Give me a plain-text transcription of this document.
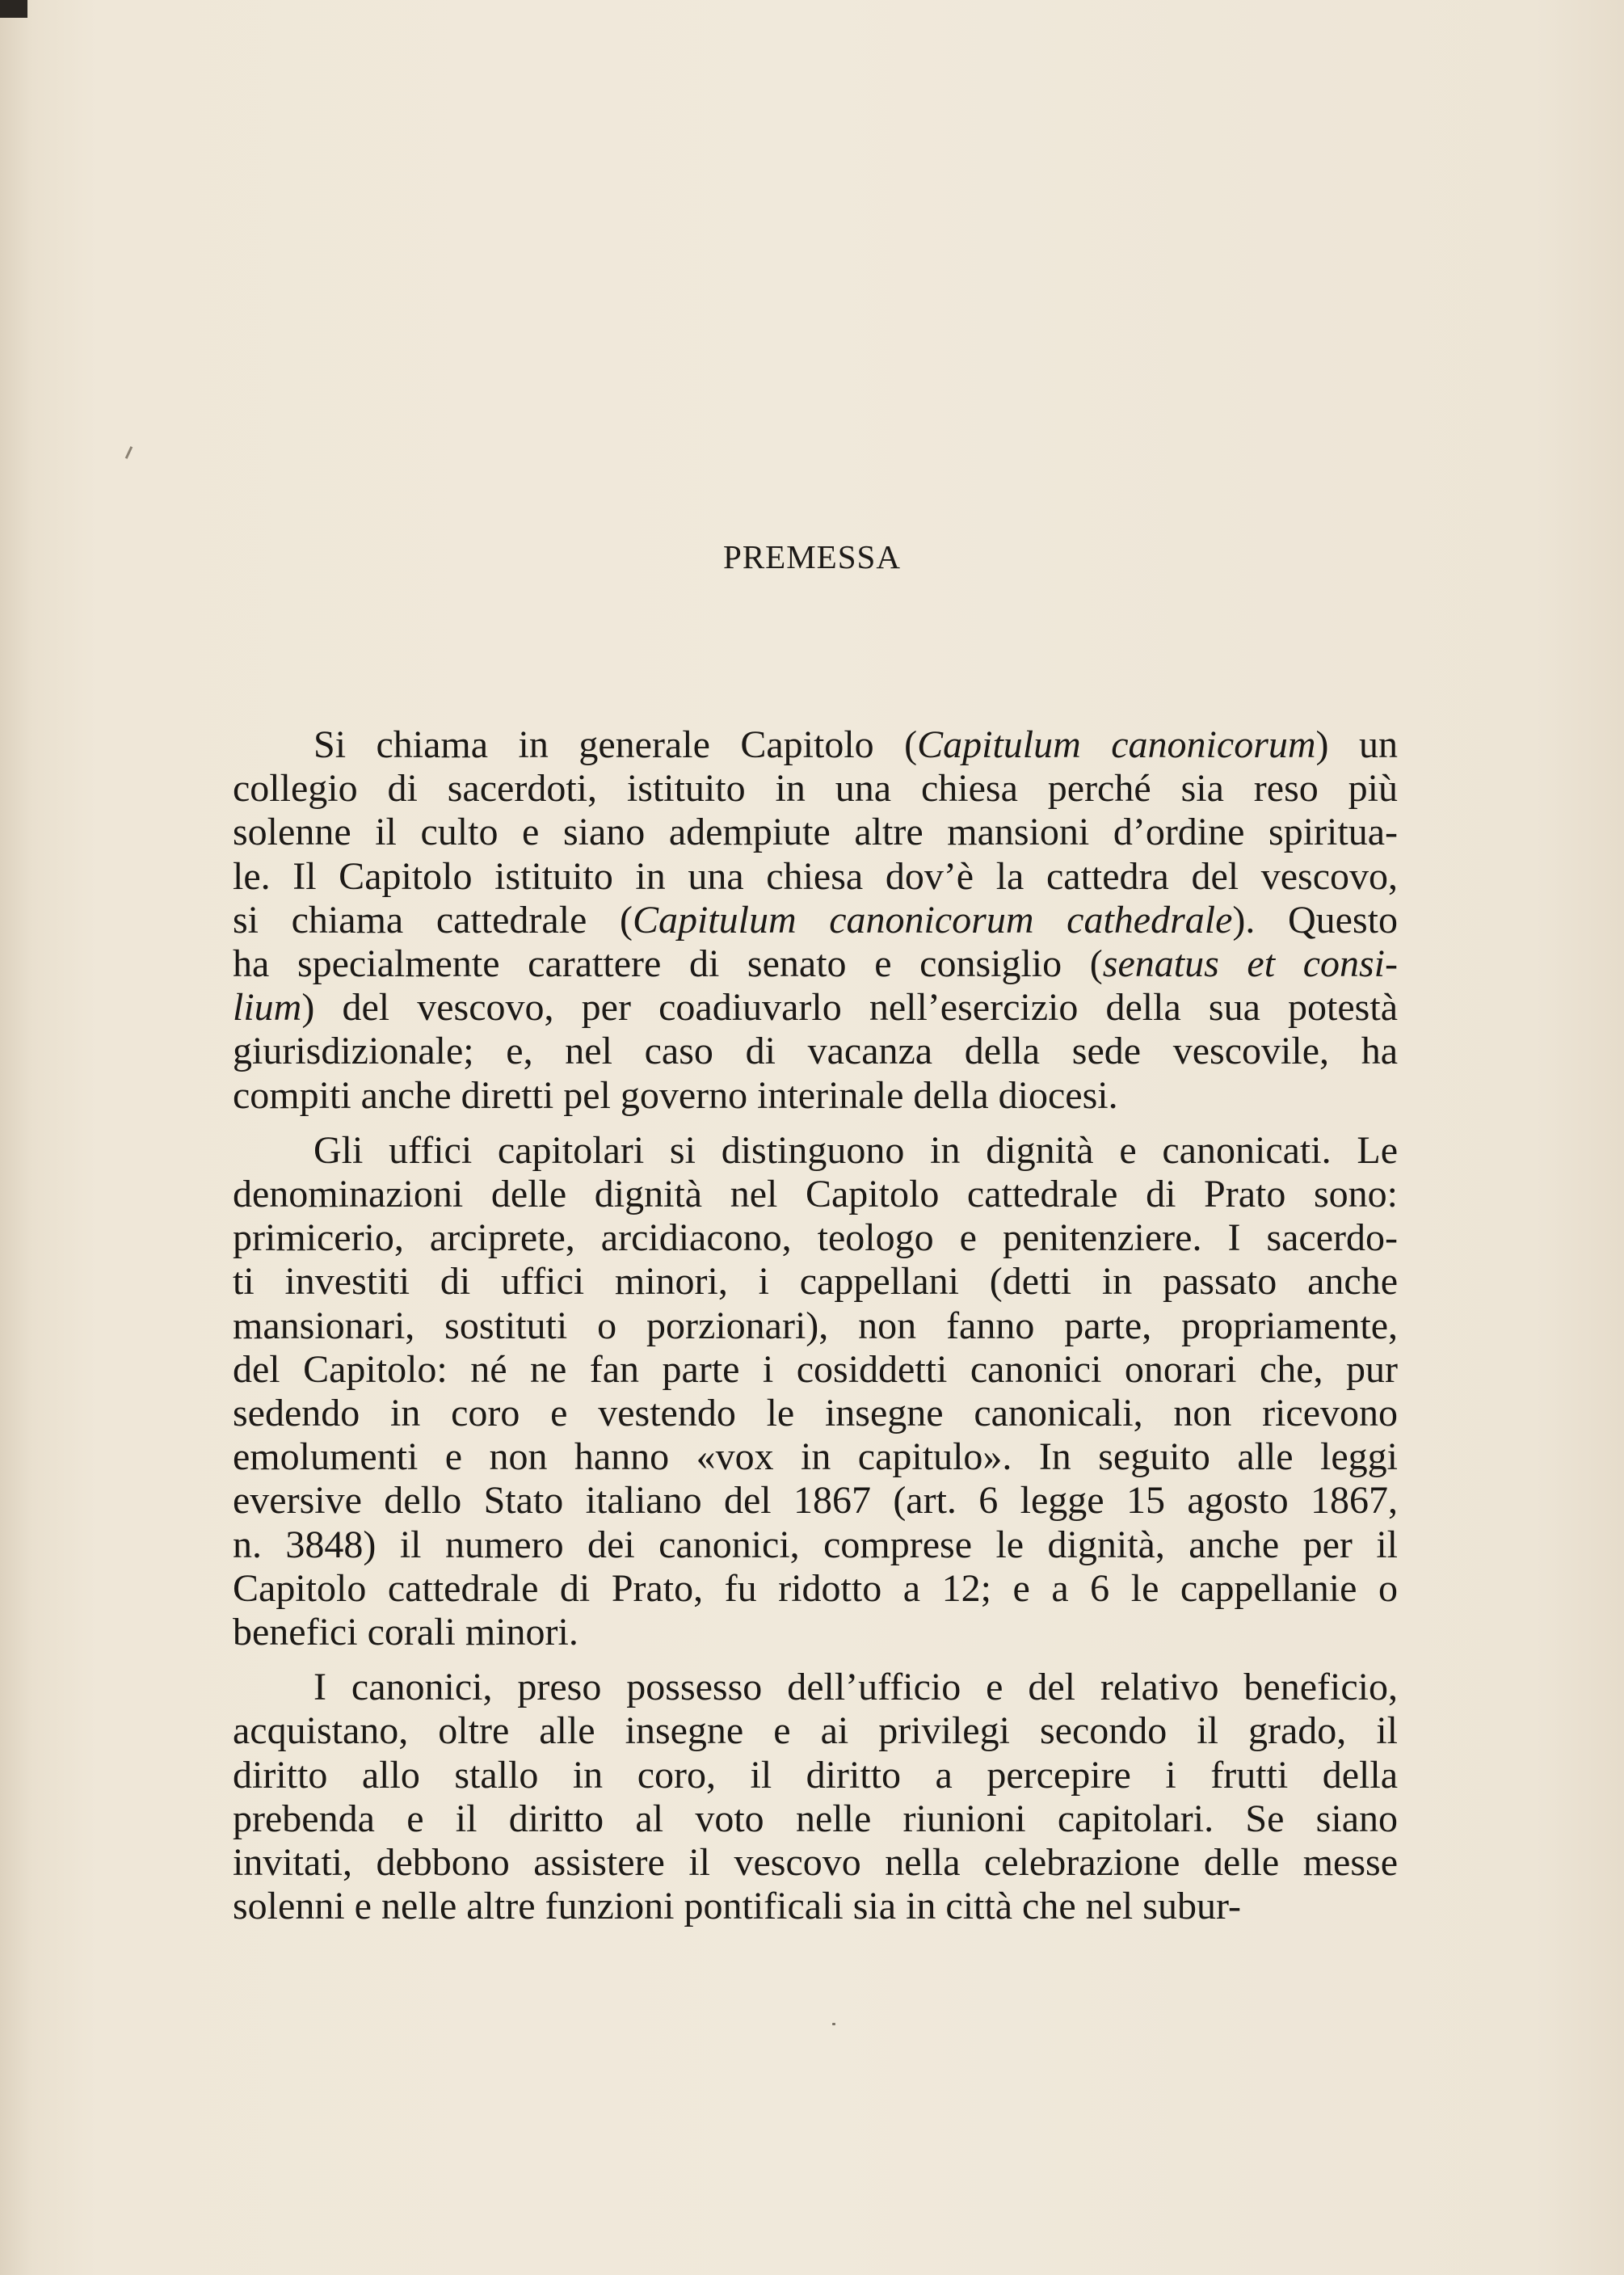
PREMESSA
Si chiama in generale Capitolo (Capitulum canonicorum) un
collegio di sacerdoti, istituito in una chiesa perché sia reso più
solenne il culto e siano adempiute altre mansioni d’ordine spiritua-
le. Il Capitolo istituito in una chiesa dov’è la cattedra del vescovo,
si chiama cattedrale (Capitulum canonicorum cathedrale). Questo
ha specialmente carattere di senato e consiglio (senatus et consi-
lium) del vescovo, per coadiuvarlo nell’esercizio della sua potestà
giurisdizionale; e, nel caso di vacanza della sede vescovile, ha
compiti anche diretti pel governo interinale della diocesi.
Gli uffici capitolari si distinguono in dignità e canonicati. Le
denominazioni delle dignità nel Capitolo cattedrale di Prato sono:
primicerio, arciprete, arcidiacono, teologo e penitenziere. I sacerdo-
ti investiti di uffici minori, i cappellani (detti in passato anche
mansionari, sostituti o porzionari), non fanno parte, propriamente,
del Capitolo: né ne fan parte i cosiddetti canonici onorari che, pur
sedendo in coro e vestendo le insegne canonicali, non ricevono
emolumenti e non hanno «vox in capitulo». In seguito alle leggi
eversive dello Stato italiano del 1867 (art. 6 legge 15 agosto 1867,
n. 3848) il numero dei canonici, comprese le dignità, anche per il
Capitolo cattedrale di Prato, fu ridotto a 12; e a 6 le cappellanie o
benefici corali minori.
I canonici, preso possesso dell’ufficio e del relativo beneficio,
acquistano, oltre alle insegne e ai privilegi secondo il grado, il
diritto allo stallo in coro, il diritto a percepire i frutti della
prebenda e il diritto al voto nelle riunioni capitolari. Se siano
invitati, debbono assistere il vescovo nella celebrazione delle messe
solenni e nelle altre funzioni pontificali sia in città che nel subur-
